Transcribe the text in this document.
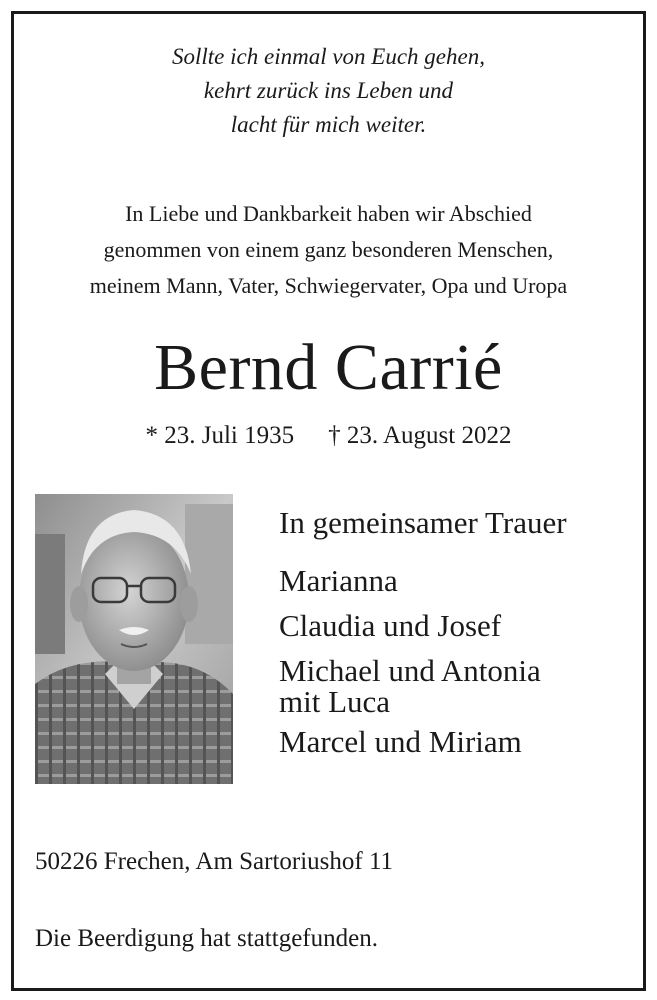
Sollte ich einmal von Euch gehen,
kehrt zurück ins Leben und
lacht für mich weiter.
In Liebe und Dankbarkeit haben wir Abschied
genommen von einem ganz besonderen Menschen,
meinem Mann, Vater, Schwiegervater, Opa und Uropa
Bernd Carrié
* 23. Juli 1935 † 23. August 2022
In gemeinsamer Trauer
Marianna
Claudia und Josef
Michael und Antonia
mit Luca
Marcel und Miriam
50226 Frechen, Am Sartoriushof 11
Die Beerdigung hat stattgefunden.
